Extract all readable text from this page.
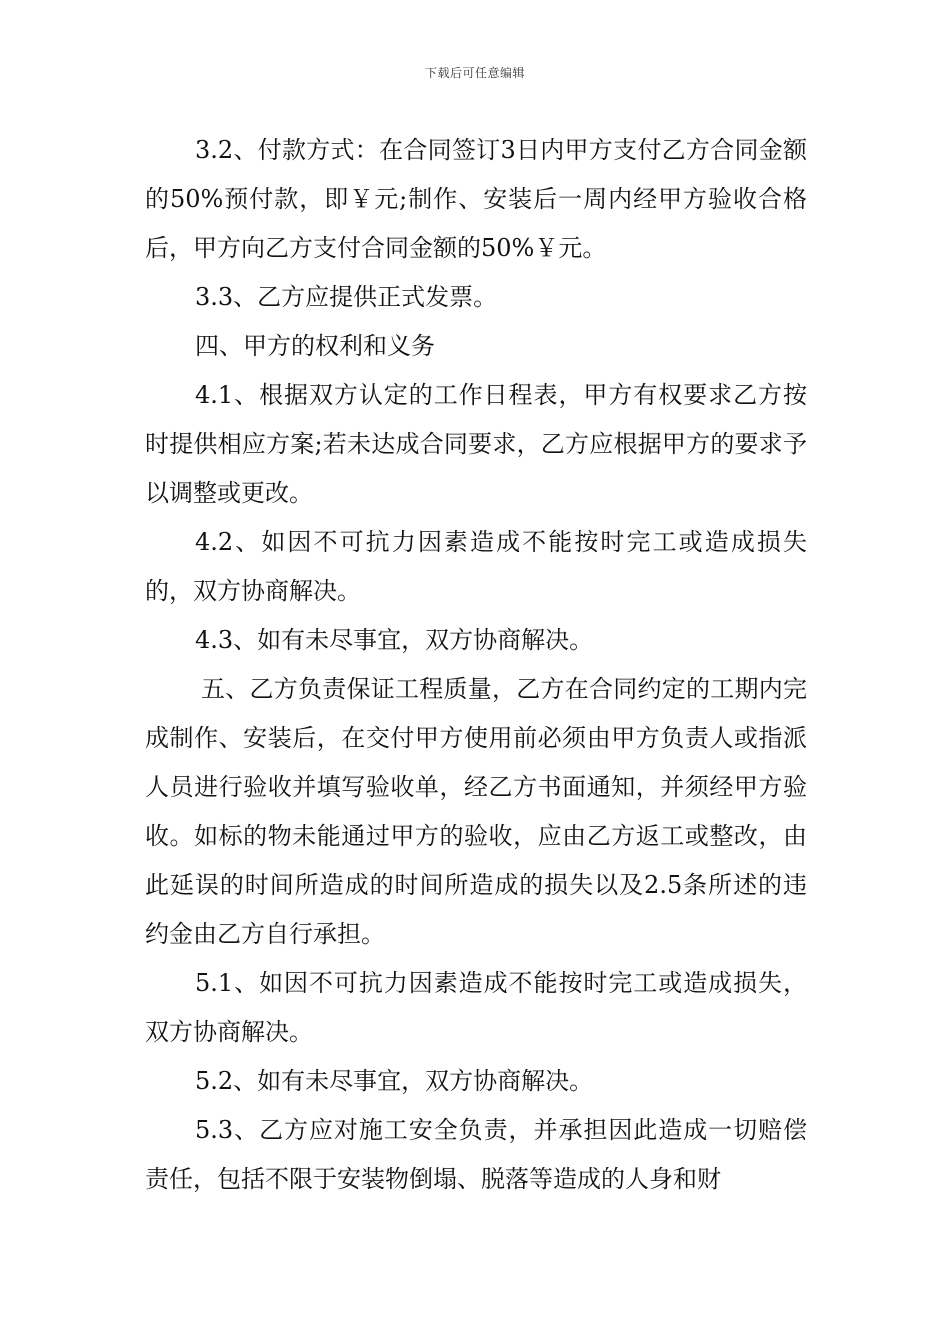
下载后可任意编辑

3.2、付款方式：在合同签订3日内甲方支付乙方合同金额的50%预付款，即￥元;制作、安装后一周内经甲方验收合格后，甲方向乙方支付合同金额的50%￥元。

3.3、乙方应提供正式发票。

四、甲方的权利和义务

4.1、根据双方认定的工作日程表，甲方有权要求乙方按时提供相应方案;若未达成合同要求，乙方应根据甲方的要求予以调整或更改。

4.2、如因不可抗力因素造成不能按时完工或造成损失的，双方协商解决。

4.3、如有未尽事宜，双方协商解决。

五、乙方负责保证工程质量，乙方在合同约定的工期内完成制作、安装后，在交付甲方使用前必须由甲方负责人或指派人员进行验收并填写验收单，经乙方书面通知，并须经甲方验收。如标的物未能通过甲方的验收，应由乙方返工或整改，由此延误的时间所造成的时间所造成的损失以及2.5条所述的违约金由乙方自行承担。

5.1、如因不可抗力因素造成不能按时完工或造成损失，双方协商解决。

5.2、如有未尽事宜，双方协商解决。

5.3、乙方应对施工安全负责，并承担因此造成一切赔偿责任，包括不限于安装物倒塌、脱落等造成的人身和财
